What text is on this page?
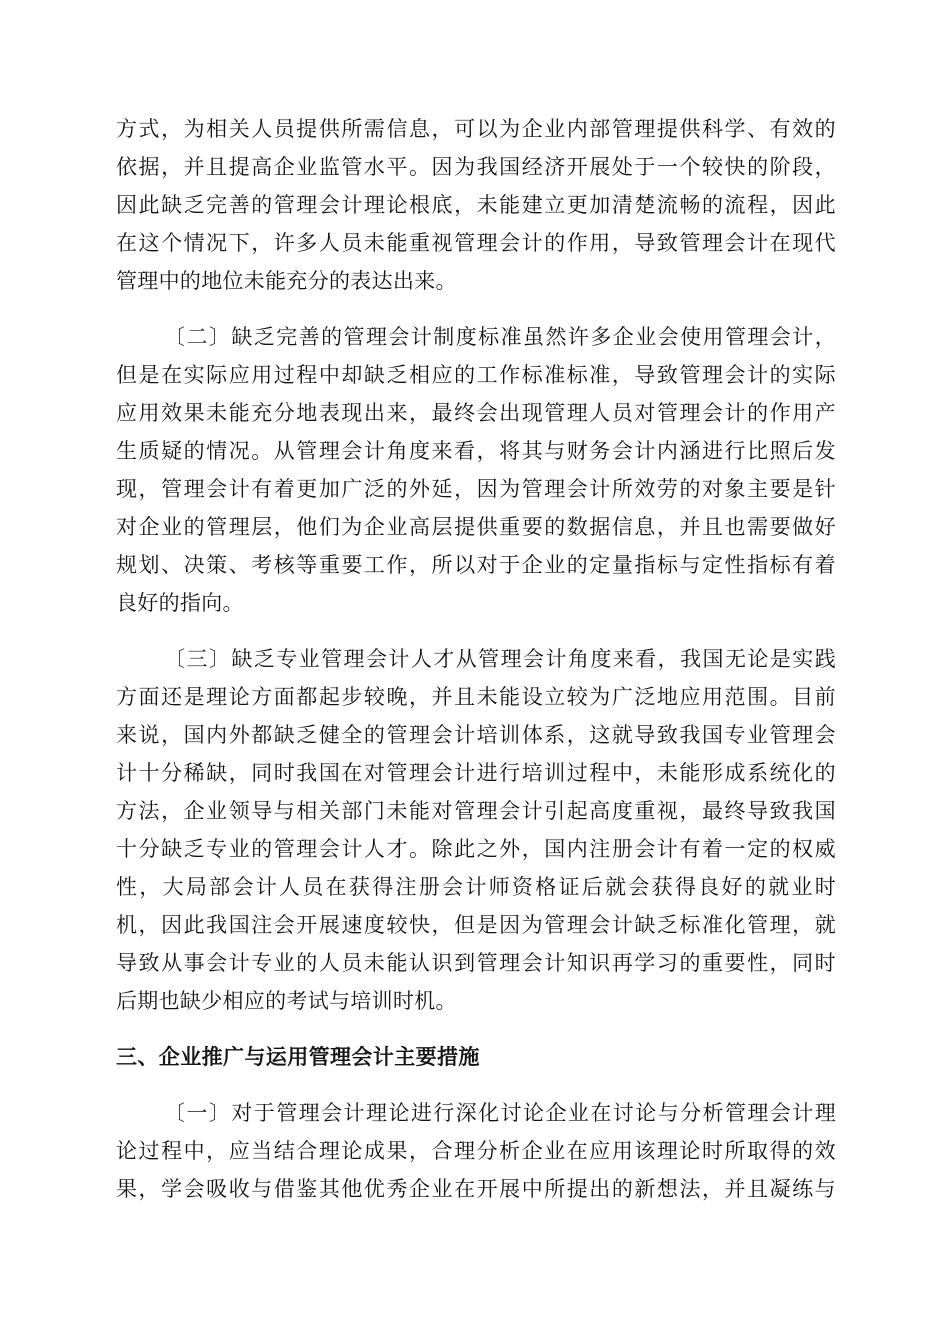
方式，为相关人员提供所需信息，可以为企业内部管理提供科学、有效的
依据，并且提高企业监管水平。因为我国经济开展处于一个较快的阶段，
因此缺乏完善的管理会计理论根底，未能建立更加清楚流畅的流程，因此
在这个情况下，许多人员未能重视管理会计的作用，导致管理会计在现代
管理中的地位未能充分的表达出来。
〔二〕缺乏完善的管理会计制度标准虽然许多企业会使用管理会计，
但是在实际应用过程中却缺乏相应的工作标准标准，导致管理会计的实际
应用效果未能充分地表现出来，最终会出现管理人员对管理会计的作用产
生质疑的情况。从管理会计角度来看，将其与财务会计内涵进行比照后发
现，管理会计有着更加广泛的外延，因为管理会计所效劳的对象主要是针
对企业的管理层，他们为企业高层提供重要的数据信息，并且也需要做好
规划、决策、考核等重要工作，所以对于企业的定量指标与定性指标有着
良好的指向。
〔三〕缺乏专业管理会计人才从管理会计角度来看，我国无论是实践
方面还是理论方面都起步较晚，并且未能设立较为广泛地应用范围。目前
来说，国内外都缺乏健全的管理会计培训体系，这就导致我国专业管理会
计十分稀缺，同时我国在对管理会计进行培训过程中，未能形成系统化的
方法，企业领导与相关部门未能对管理会计引起高度重视，最终导致我国
十分缺乏专业的管理会计人才。除此之外，国内注册会计有着一定的权威
性，大局部会计人员在获得注册会计师资格证后就会获得良好的就业时
机，因此我国注会开展速度较快，但是因为管理会计缺乏标准化管理，就
导致从事会计专业的人员未能认识到管理会计知识再学习的重要性，同时
后期也缺少相应的考试与培训时机。
三、企业推广与运用管理会计主要措施
〔一〕对于管理会计理论进行深化讨论企业在讨论与分析管理会计理
论过程中，应当结合理论成果，合理分析企业在应用该理论时所取得的效
果，学会吸收与借鉴其他优秀企业在开展中所提出的新想法，并且凝练与
